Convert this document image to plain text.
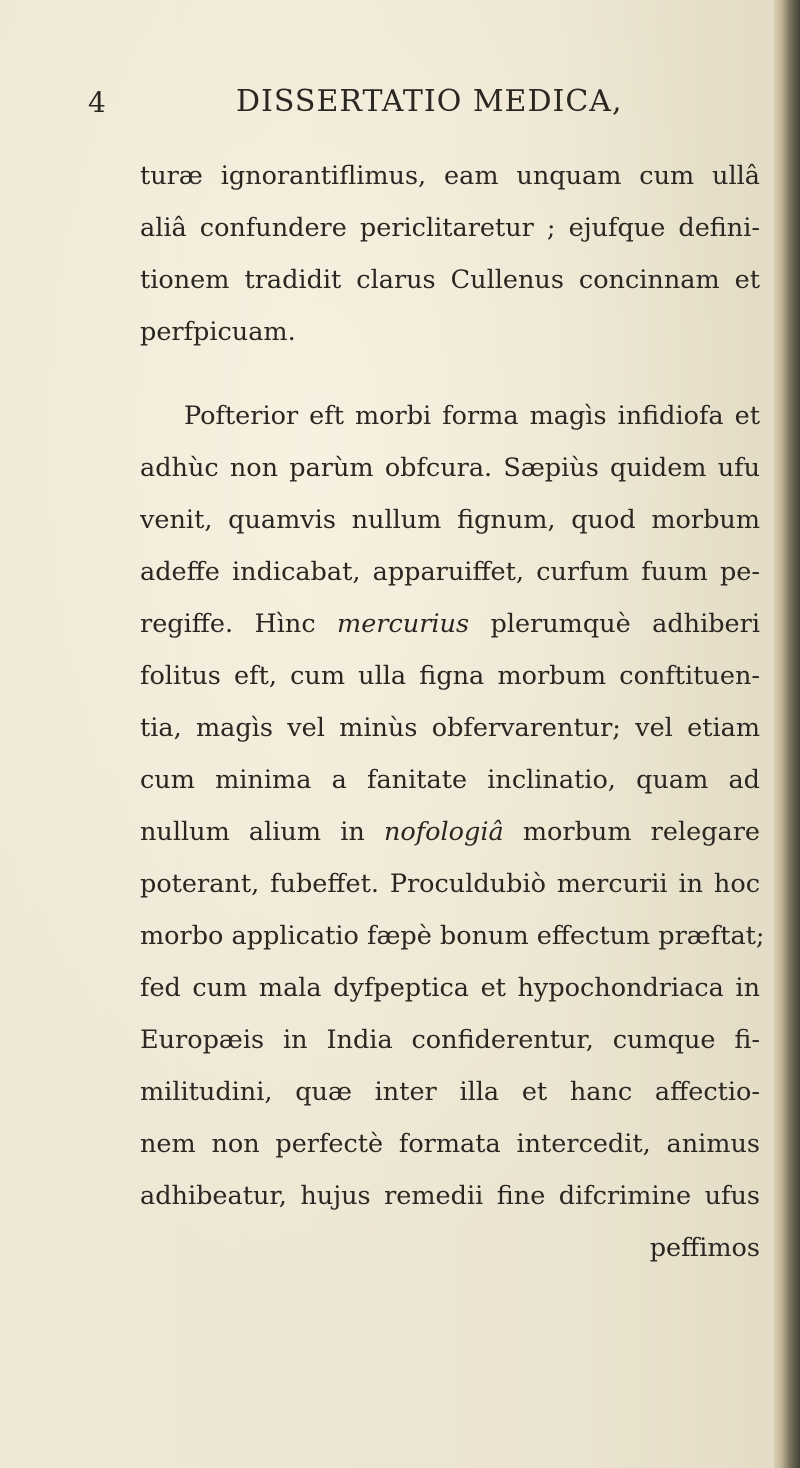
4	DISSERTATIO MEDICA,
turæ ignorantiflimus, eam unquam cum ullâ
aliâ confundere periclitaretur ; ejufque defini-
tionem tradidit clarus Cullenus concinnam et
perfpicuam.
Pofterior eft morbi forma magìs infidiofa et
adhùc non parùm obfcura. Sæpiùs quidem ufu
venit, quamvis nullum fignum, quod morbum
adeffe indicabat, apparuiffet, curfum fuum pe-
regiffe. Hìnc mercurius plerumquè adhiberi
folitus eft, cum ulla figna morbum conftituen-
tia, magìs vel minùs obfervarentur; vel etiam
cum minima a fanitate inclinatio, quam ad
nullum alium in nofologiâ morbum relegare
poterant, fubeffet. Proculdubiò mercurii in hoc
morbo applicatio fæpè bonum effectum præftat;
fed cum mala dyfpeptica et hypochondriaca in
Europæis in India confiderentur, cumque fi-
militudini, quæ inter illa et hanc affectio-
nem non perfectè formata intercedit, animus
adhibeatur, hujus remedii fine difcrimine ufus
peffimos
